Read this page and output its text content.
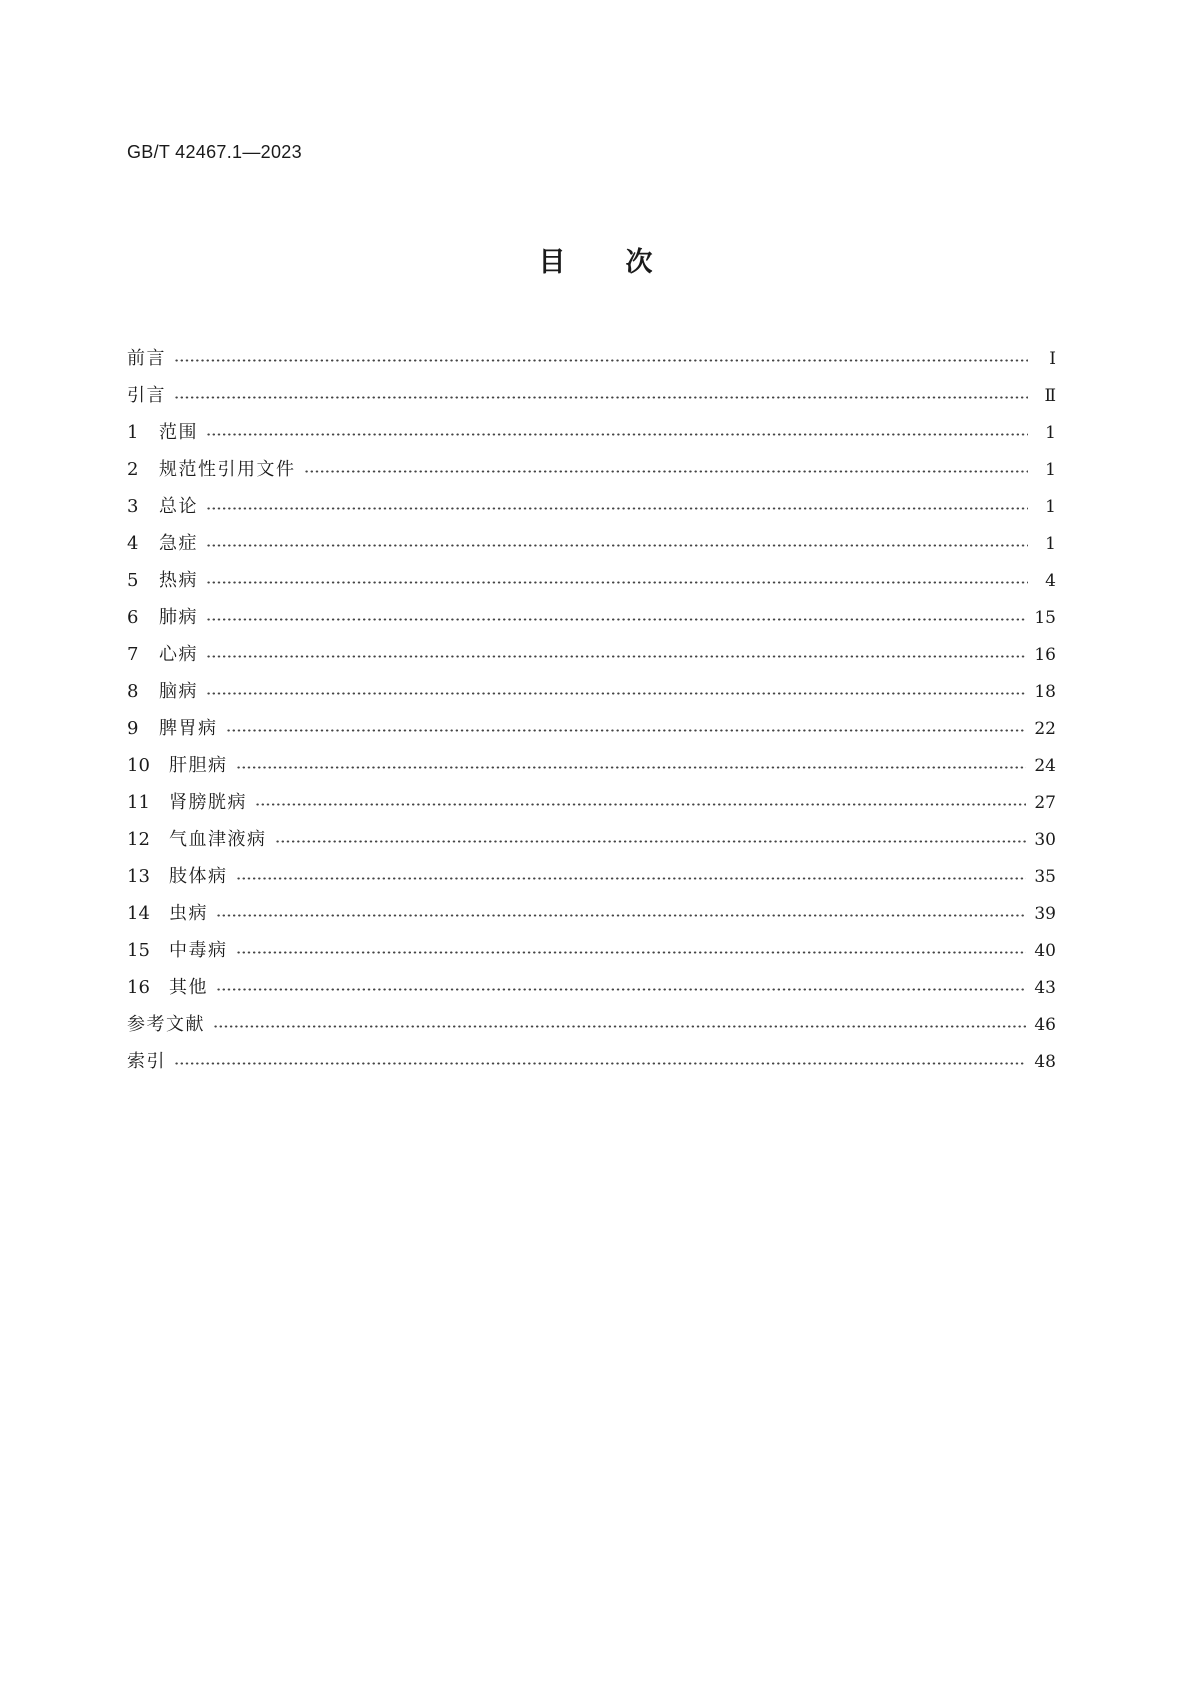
GB/T 42467.1—2023
目 次
前言	Ⅰ
引言	Ⅱ
1	范围	1
2	规范性引用文件	1
3	总论	1
4	急症	1
5	热病	4
6	肺病	15
7	心病	16
8	脑病	18
9	脾胃病	22
10	肝胆病	24
11	肾膀胱病	27
12	气血津液病	30
13	肢体病	35
14	虫病	39
15	中毒病	40
16	其他	43
参考文献	46
索引	48
